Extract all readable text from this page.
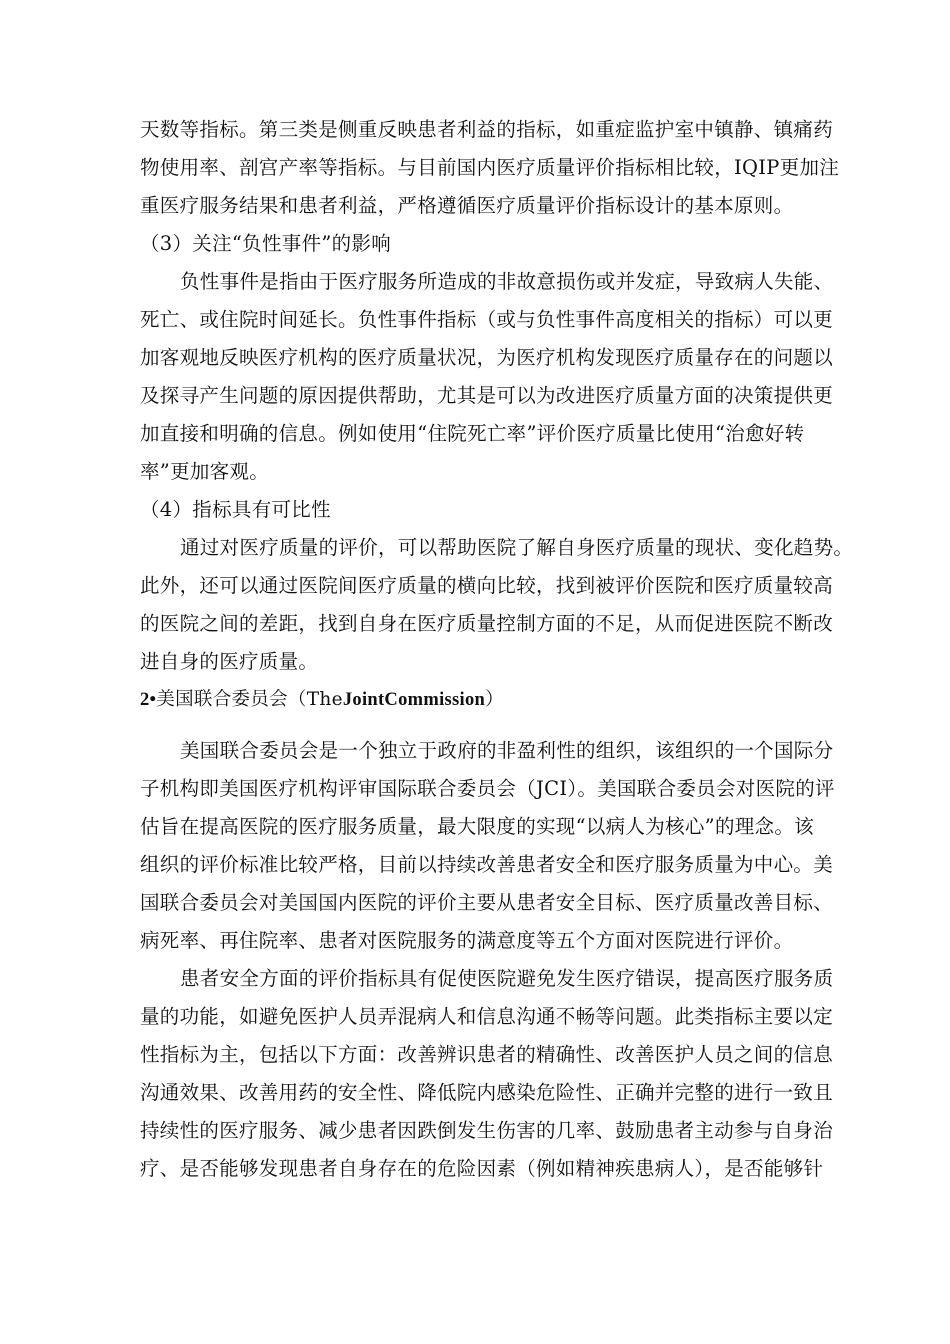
天数等指标。第三类是侧重反映患者利益的指标，如重症监护室中镇静、镇痛药
物使用率、剖宫产率等指标。与目前国内医疗质量评价指标相比较，IQIP更加注
重医疗服务结果和患者利益，严格遵循医疗质量评价指标设计的基本原则。
（3）关注“负性事件”的影响
负性事件是指由于医疗服务所造成的非故意损伤或并发症，导致病人失能、
死亡、或住院时间延长。负性事件指标（或与负性事件高度相关的指标）可以更
加客观地反映医疗机构的医疗质量状况，为医疗机构发现医疗质量存在的问题以
及探寻产生问题的原因提供帮助，尤其是可以为改进医疗质量方面的决策提供更
加直接和明确的信息。例如使用“住院死亡率”评价医疗质量比使用“治愈好转
率”更加客观。
（4）指标具有可比性
通过对医疗质量的评价，可以帮助医院了解自身医疗质量的现状、变化趋势。
此外，还可以通过医院间医疗质量的横向比较，找到被评价医院和医疗质量较高
的医院之间的差距，找到自身在医疗质量控制方面的不足，从而促进医院不断改
进自身的医疗质量。
2•美国联合委员会（TheJointCommission）
美国联合委员会是一个独立于政府的非盈利性的组织，该组织的一个国际分
子机构即美国医疗机构评审国际联合委员会（JCI）。美国联合委员会对医院的评
估旨在提高医院的医疗服务质量，最大限度的实现“以病人为核心”的理念。该
组织的评价标准比较严格，目前以持续改善患者安全和医疗服务质量为中心。美
国联合委员会对美国国内医院的评价主要从患者安全目标、医疗质量改善目标、
病死率、再住院率、患者对医院服务的满意度等五个方面对医院进行评价。
患者安全方面的评价指标具有促使医院避免发生医疗错误，提高医疗服务质
量的功能，如避免医护人员弄混病人和信息沟通不畅等问题。此类指标主要以定
性指标为主，包括以下方面：改善辨识患者的精确性、改善医护人员之间的信息
沟通效果、改善用药的安全性、降低院内感染危险性、正确并完整的进行一致且
持续性的医疗服务、减少患者因跌倒发生伤害的几率、鼓励患者主动参与自身治
疗、是否能够发现患者自身存在的危险因素（例如精神疾患病人），是否能够针
